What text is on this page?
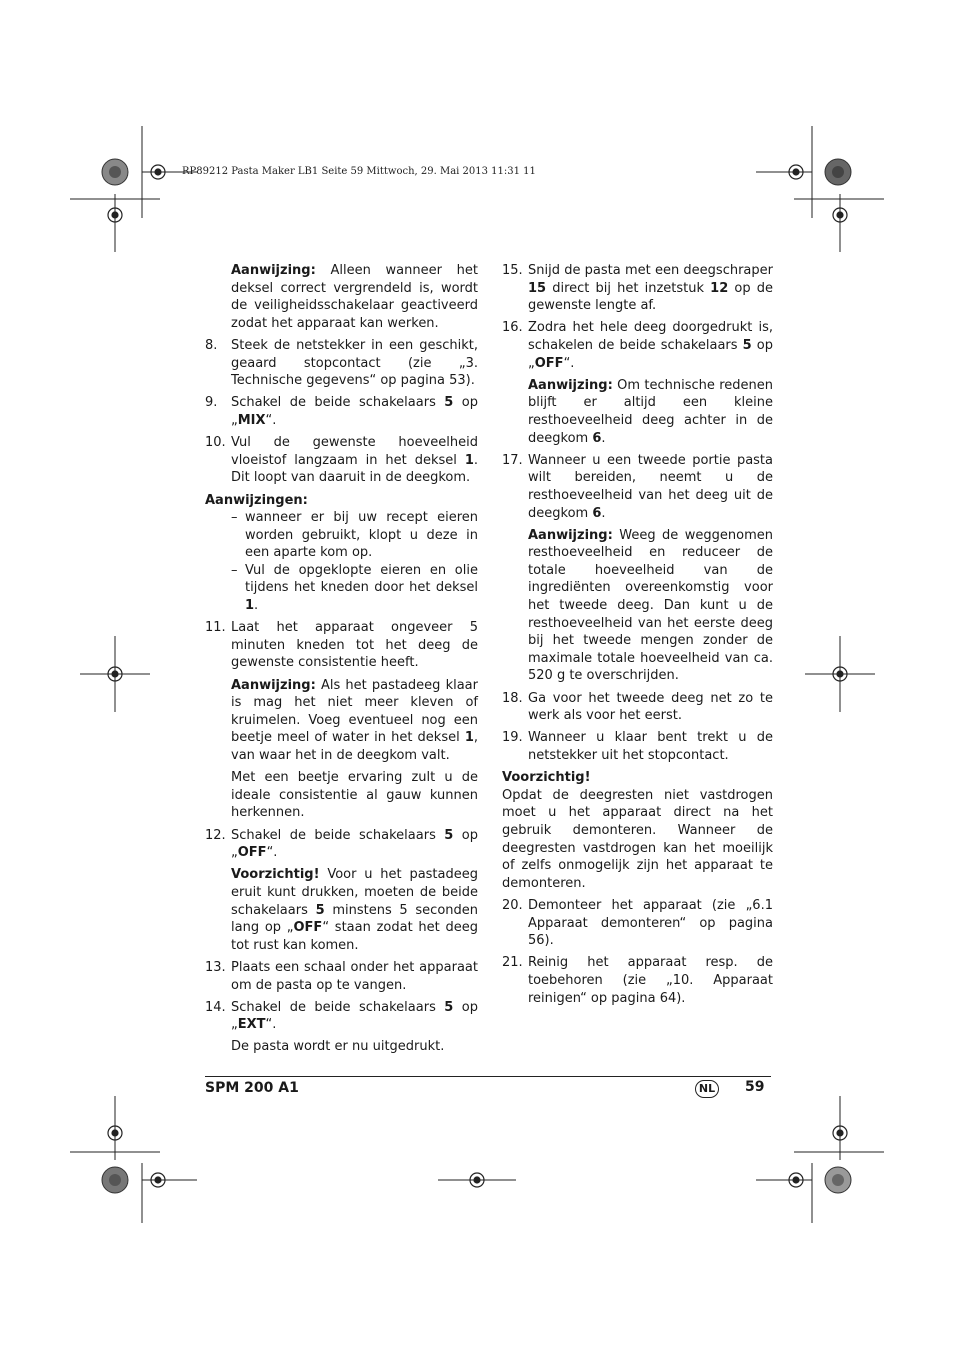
RP89212 Pasta Maker LB1 Seite 59 Mittwoch, 29. Mai 2013 11:31 11

Aanwijzing: Alleen wanneer het deksel correct vergrendeld is, wordt de veiligheidsschakelaar geactiveerd zodat het apparaat kan werken.

8.	Steek de netstekker in een geschikt, geaard stopcontact (zie „3. Technische gegevens“ op pagina 53).
9.	Schakel de beide schakelaars 5 op „MIX“.
10. Vul de gewenste hoeveelheid vloeistof langzaam in het deksel 1. Dit loopt van daaruit in de deegkom.

Aanwijzingen:

– wanneer er bij uw recept eieren worden gebruikt, klopt u deze in een aparte kom op.
– Vul de opgeklopte eieren en olie tijdens het kneden door het deksel 1.
11. Laat het apparaat ongeveer 5 minuten kneden tot het deeg de gewenste consistentie heeft.

Aanwijzing: Als het pastadeeg klaar is mag het niet meer kleven of kruimelen. Voeg eventueel nog een beetje meel of water in het deksel 1, van waar het in de deegkom valt.

Met een beetje ervaring zult u de ideale consistentie al gauw kunnen herkennen.

12. Schakel de beide schakelaars 5 op „OFF“.

Voorzichtig! Voor u het pastadeeg eruit kunt drukken, moeten de beide schakelaars 5 minstens 5 seconden lang op „OFF“ staan zodat het deeg tot rust kan komen.

13. Plaats een schaal onder het apparaat om de pasta op te vangen.
14. Schakel de beide schakelaars 5 op „EXT“.

De pasta wordt er nu uitgedrukt.

15. Snijd de pasta met een deegschraper 15 direct bij het inzetstuk 12 op de gewenste lengte af.
16. Zodra het hele deeg doorgedrukt is, schakelen de beide schakelaars 5 op „OFF“.

Aanwijzing: Om technische redenen blijft er altijd een kleine resthoeveelheid deeg achter in de deegkom 6.

17. Wanneer u een tweede portie pasta wilt bereiden, neemt u de resthoeveelheid van het deeg uit de deegkom 6.

Aanwijzing: Weeg de weggenomen resthoeveelheid en reduceer de totale hoeveelheid van de ingrediënten overeenkomstig voor het tweede deeg. Dan kunt u de resthoeveelheid van het eerste deeg bij het tweede mengen zonder de maximale totale hoeveelheid van ca. 520 g te overschrijden.

18. Ga voor het tweede deeg net zo te werk als voor het eerst.
19. Wanneer u klaar bent trekt u de netstekker uit het stopcontact.

Voorzichtig!

Opdat de deegresten niet vastdrogen moet u het apparaat direct na het gebruik demonteren. Wanneer de deegresten vastdrogen kan het moeilijk of zelfs onmogelijk zijn het apparaat te demonteren.

20. Demonteer het apparaat (zie „6.1 Apparaat demonteren“ op pagina 56).
21. Reinig het apparaat resp. de toebehoren (zie „10. Apparaat reinigen“ op pagina 64).
SPM 200 A1	NL 59
